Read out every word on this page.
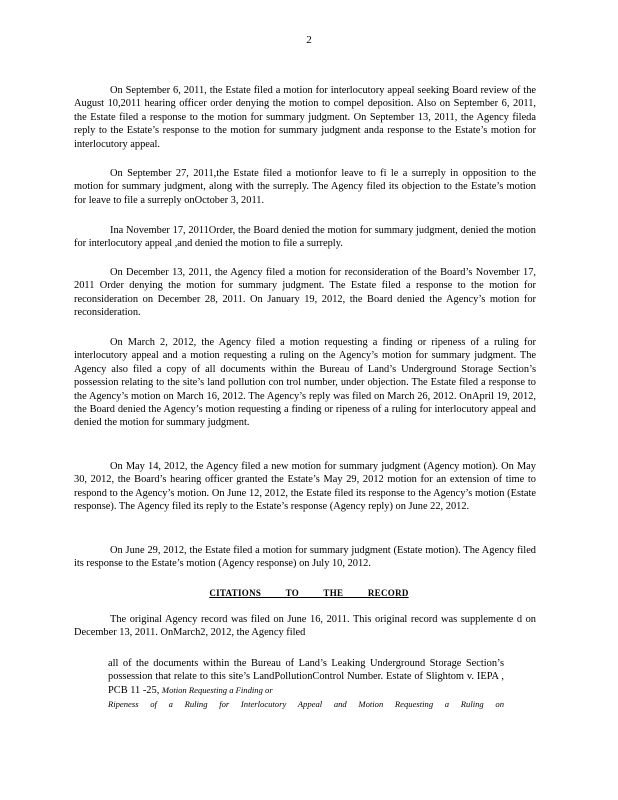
2

On September 6, 2011, the Estate filed a motion for interlocutory appeal seeking Board review of the August 10,2011 hearing officer order denying the motion to compel deposition. Also on September 6, 2011, the Estate filed a response to the motion for summary judgment. On September 13, 2011, the Agency fileda reply to the Estate’s response to the motion for summary judgment anda response to the Estate’s motion for interlocutory appeal.

On September 27, 2011,the Estate filed a motionfor leave to fi le a surreply in opposition to the motion for summary judgment, along with the surreply. The Agency filed its objection to the Estate’s motion for leave to file a surreply onOctober 3, 2011.

Ina November 17, 2011Order, the Board denied the motion for summary judgment, denied the motion for interlocutory appeal ,and denied the motion to file a surreply.

On December 13, 2011, the Agency filed a motion for reconsideration of the Board’s November 17, 2011 Order denying the motion for summary judgment. The Estate filed a response to the motion for reconsideration on December 28, 2011. On January 19, 2012, the Board denied the Agency’s motion for reconsideration.

On March 2, 2012, the Agency filed a motion requesting a finding or ripeness of a ruling for interlocutory appeal and a motion requesting a ruling on the Agency’s motion for summary judgment. The Agency also filed a copy of all documents within the Bureau of Land’s Underground Storage Section’s possession relating to the site’s land pollution con trol number, under objection. The Estate filed a response to the Agency’s motion on March 16, 2012. The Agency’s reply was filed on March 26, 2012. OnApril 19, 2012, the Board denied the Agency’s motion requesting a finding or ripeness of a ruling for interlocutory appeal and denied the motion for summary judgment.

On May 14, 2012, the Agency filed a new motion for summary judgment (Agency motion). On May 30, 2012, the Board’s hearing officer granted the Estate’s May 29, 2012 motion for an extension of time to respond to the Agency’s motion. On June 12, 2012, the Estate filed its response to the Agency’s motion (Estate response). The Agency filed its reply to the Estate’s response (Agency reply) on June 22, 2012.

On June 29, 2012, the Estate filed a motion for summary judgment (Estate motion). The Agency filed its response to the Estate’s motion (Agency response) on July 10, 2012.

CITATIONS TO THE RECORD

The original Agency record was filed on June 16, 2011. This original record was supplemente d on December 13, 2011. OnMarch2, 2012, the Agency filed

all of the documents within the Bureau of Land’s Leaking Underground Storage Section’s possession that relate to this site’s LandPollutionControl Number. Estate of Slightom v. IEPA , PCB 11 -25, Motion Requesting a Finding or

Ripeness of a Ruling for Interlocutory Appeal and Motion Requesting a Ruling on
